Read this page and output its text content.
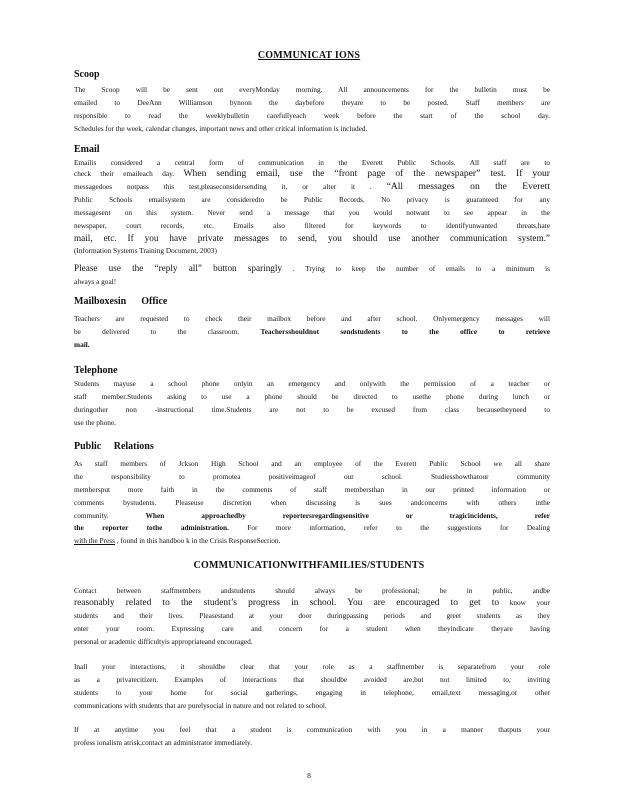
COMMUNICAT IONS
Scoop
The Scoop will be sent out everyMonday morning. All announcements for the bulletin must be
emailed to DeeAnn Williamson bynoon the daybefore theyare to be posted. Staff members are
responsible to read the weeklybulletin carefullyeach week before the start of the school day.
Schedules for the week, calendar changes, important news and other critical information is included.
Email
Emailis considered a central form of communication in the Everett Public Schools. All staff are to
check their emaileach day. When sending email, use the “front page of the newspaper” test. If your
messagedoes notpass this test,pleaseconsidersending it, or alter it . “All messages on the Everett
Public Schools emailsystem are consideredto be Public Records. No privacy is guaranteed for any
messagesent on this system. Never send a message that you would notwant to see appear in the
newspaper, court records, etc. Emails also filtered for keywords to identifyunwanted threats,hate
mail, etc. If you have private messages to send, you should use another communication system.”
(Information Systems Training Document, 2003)
Please use the “reply all” button sparingly . Trying to keep the number of emails to a minimum is
always a goal!
Mailboxesin      Office
Teachers are requested to check their mailbox before and after school. Onlyemergency messages will
be delivered to the classroom.	Teachersshouldnot sendstudents to the office to retrieve
mail.
Telephone
Students mayuse a school phone onlyin an emergency and onlywith the permission of a teacher or
staff member.Students asking to use a phone should be directed to usethe phone during lunch or
duringother non -instructional time.Students are not to be excused from class becausetheyneed to
use the phone.
Public     Relations
As staff members of Jckson High School and an employee of the Everett Public School we all share
the responsibility to promotea positiveimageof our school. Studiesshowthatour community
membersput more faith in the comments of staff membersthan in our printed information or
comments bystudents. Pleaseuse discretion when discussing is sues andconcerns with others inthe
community.	When approachedby reportersregardingsensitive or tragicincidents, refer
the reporter tothe administration.	For more information, refer to the suggestions for Dealing
with the Press , found in this handboo k in the Crisis ResponseSection.
COMMUNICATIONWITHFAMILIES/STUDENTS
Contact between staffmembers andstudents should always be professional; be in public, andbe
reasonably related to the student’s progress in school. You are encouraged to get to know your
students and their lives. Pleasestand at your door duringpassing periods and greet students as they
enter your room. Expressing care and concern for a student when theyindicate theyare having
personal or academic difficultyis appropriateand encouraged.
Inall your interactions, it shouldbe clear that your role as a staffmember is separatefrom your role
as a privatecitizen. Examples of interactions that shouldbe avoided are,but not limited to, inviting
students to your home for social gatherings, engaging in telephone, email,text messaging,or other
communications with students that are purelysocial in nature and not related to school.
If at anytime you feel that a student is communication with you in a manner thatputs your
profess ionalism atrisk,contact an administrator immediately.
8
